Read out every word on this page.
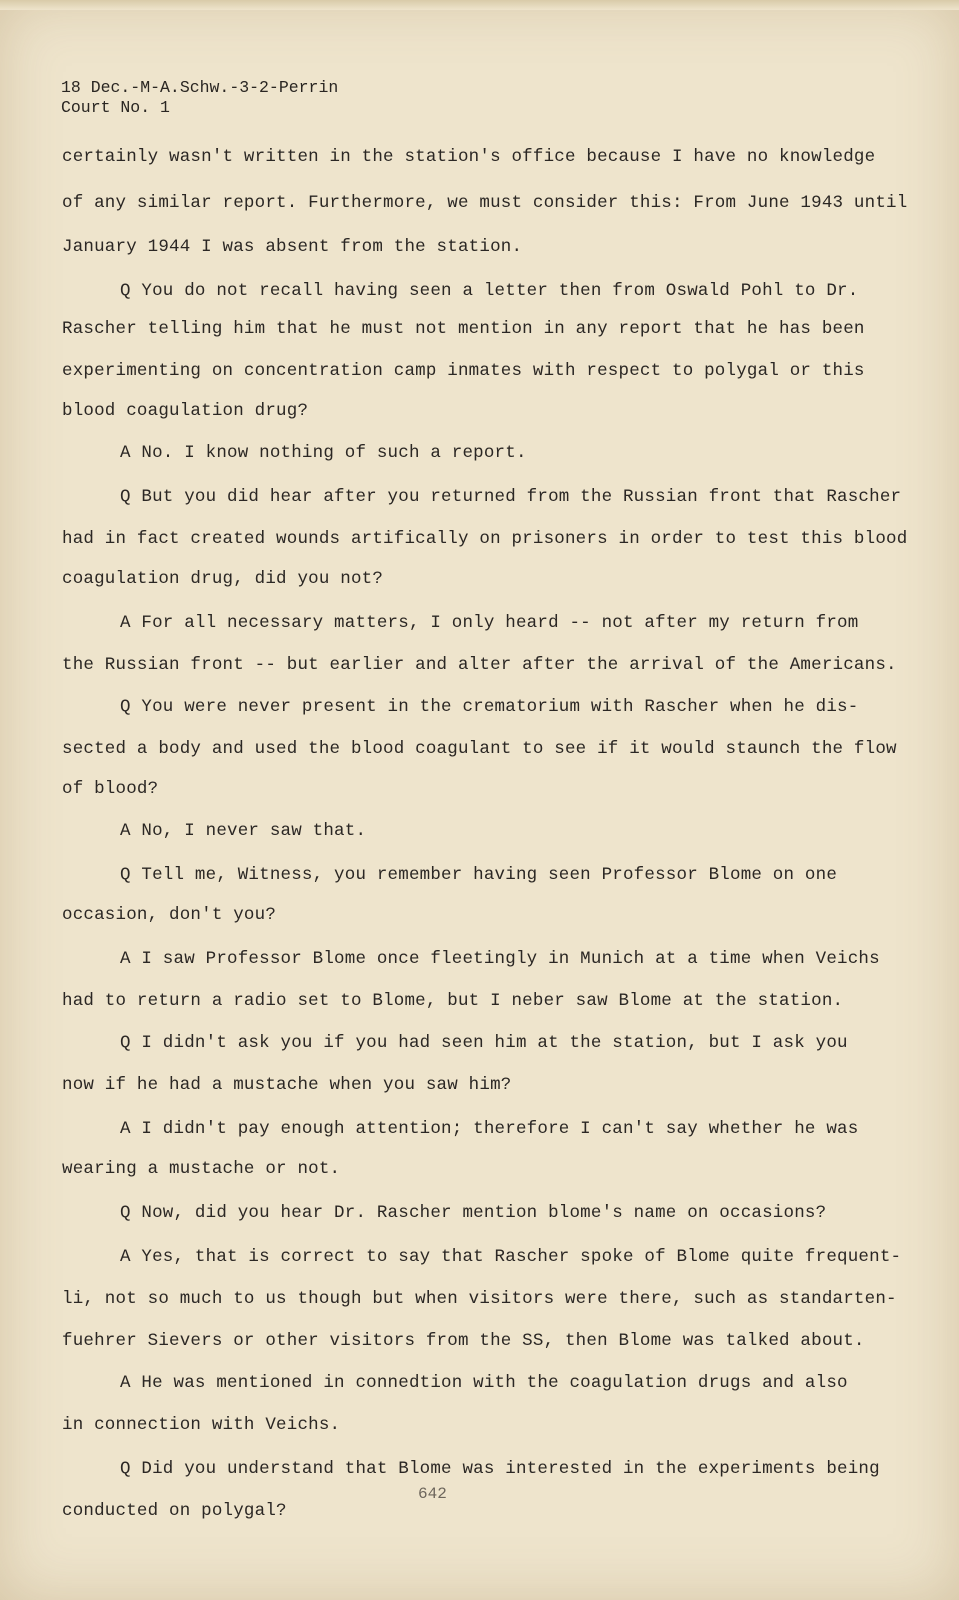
18 Dec.-M-A.Schw.-3-2-Perrin
Court No. 1
certainly wasn't written in the station's office because I have no knowledge
of any similar report. Furthermore, we must consider this: From June 1943 until
January 1944 I was absent from the station.
Q You do not recall having seen a letter then from Oswald Pohl to Dr.
Rascher telling him that he must not mention in any report that he has been
experimenting on concentration camp inmates with respect to polygal or this
blood coagulation drug?
A No. I know nothing of such a report.
Q But you did hear after you returned from the Russian front that Rascher
had in fact created wounds artifically on prisoners in order to test this blood
coagulation drug, did you not?
A For all necessary matters, I only heard -- not after my return from
the Russian front -- but earlier and alter after the arrival of the Americans.
Q You were never present in the crematorium with Rascher when he dis-
sected a body and used the blood coagulant to see if it would staunch the flow
of blood?
A No, I never saw that.
Q Tell me, Witness, you remember having seen Professor Blome on one
occasion, don't you?
A I saw Professor Blome once fleetingly in Munich at a time when Veichs
had to return a radio set to Blome, but I neber saw Blome at the station.
Q I didn't ask you if you had seen him at the station, but I ask you
now if he had a mustache when you saw him?
A I didn't pay enough attention; therefore I can't say whether he was
wearing a mustache or not.
Q Now, did you hear Dr. Rascher mention blome's name on occasions?
A Yes, that is correct to say that Rascher spoke of Blome quite frequent-
li, not so much to us though but when visitors were there, such as standarten-
fuehrer Sievers or other visitors from the SS, then Blome was talked about.
A He was mentioned in connedtion with the coagulation drugs and also
in connection with Veichs.
Q Did you understand that Blome was interested in the experiments being
conducted on polygal?
642
